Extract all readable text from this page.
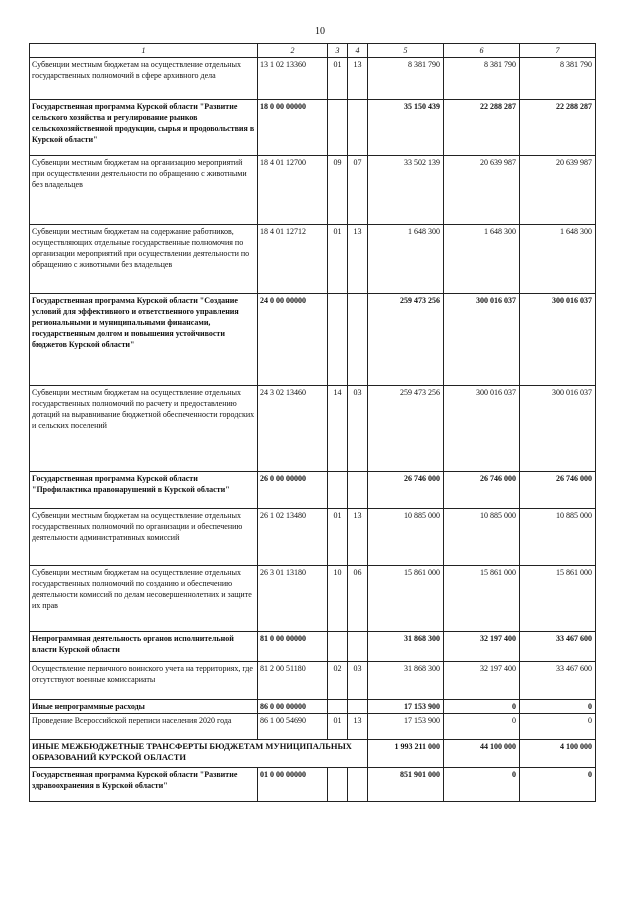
10
1	2	3	4	5	6	7
Субвенции местным бюджетам на осуществление отдельных государственных полномочий в сфере архивного дела	13 1 02 13360	01	13	8 381 790	8 381 790	8 381 790
Государственная программа Курской области "Развитие сельского хозяйства и регулирование рынков сельскохозяйственной продукции, сырья и продовольствия в Курской области"	18 0 00 00000			35 150 439	22 288 287	22 288 287
Субвенции местным бюджетам на организацию мероприятий при осуществлении деятельности по обращению с животными без владельцев	18 4 01 12700	09	07	33 502 139	20 639 987	20 639 987
Субвенции местным бюджетам на содержание работников, осуществляющих отдельные государственные полномочия по организации мероприятий при осуществлении деятельности по обращению с животными без владельцев	18 4 01 12712	01	13	1 648 300	1 648 300	1 648 300
Государственная программа Курской области "Создание условий для эффективного и ответственного управления региональными и муниципальными финансами, государственным долгом и повышения устойчивости бюджетов Курской области"	24 0 00 00000			259 473 256	300 016 037	300 016 037
Субвенции местным бюджетам на осуществление отдельных государственных полномочий по расчету и предоставлению дотаций на выравнивание бюджетной обеспеченности городских и сельских поселений	24 3 02 13460	14	03	259 473 256	300 016 037	300 016 037
Государственная программа Курской области "Профилактика правонарушений в Курской области"	26 0 00 00000			26 746 000	26 746 000	26 746 000
Субвенции местным бюджетам на осуществление отдельных государственных полномочий по организации и обеспечению деятельности административных комиссий	26 1 02 13480	01	13	10 885 000	10 885 000	10 885 000
Субвенции местным бюджетам на осуществление отдельных государственных полномочий по созданию и обеспечению деятельности комиссий по делам несовершеннолетних и защите их прав	26 3 01 13180	10	06	15 861 000	15 861 000	15 861 000
Непрограммная деятельность органов исполнительной власти Курской области	81 0 00 00000			31 868 300	32 197 400	33 467 600
Осуществление первичного воинского учета на территориях, где отсутствуют военные комиссариаты	81 2 00 51180	02	03	31 868 300	32 197 400	33 467 600
Иные непрограммные расходы	86 0 00 00000			17 153 900	0	0
Проведение Всероссийской переписи населения 2020 года	86 1 00 54690	01	13	17 153 900	0	0
ИНЫЕ МЕЖБЮДЖЕТНЫЕ ТРАНСФЕРТЫ БЮДЖЕТАМ МУНИЦИПАЛЬНЫХ ОБРАЗОВАНИЙ КУРСКОЙ ОБЛАСТИ				1 993 211 000	44 100 000	4 100 000
Государственная программа Курской области "Развитие здравоохранения в Курской области"	01 0 00 00000			851 901 000	0	0
